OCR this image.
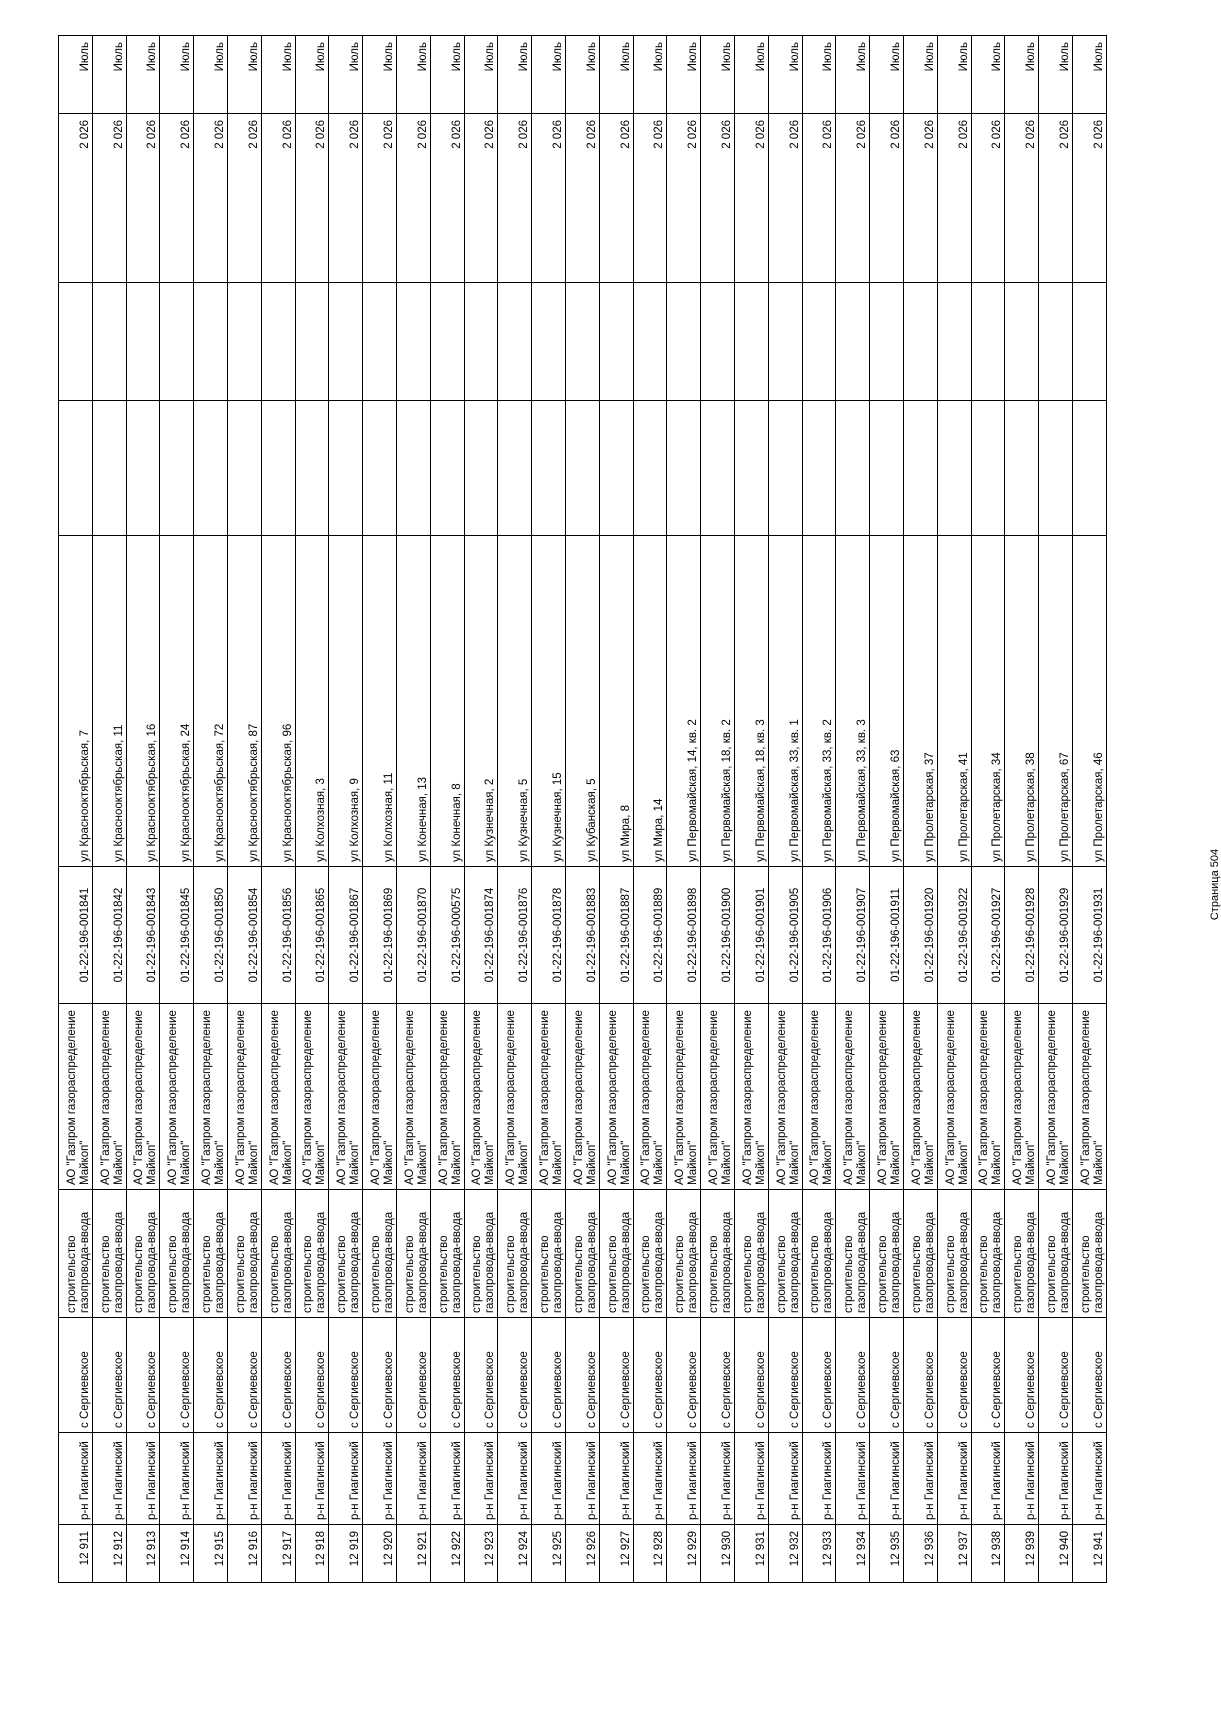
12 911	р-н Гиагинский	с Сергиевское	строительство газопровода-ввода	АО "Газпром газораспределение Майкоп"	01-22-196-001841	ул Краснооктябрьская, 7			2 026	Июль
12 912	р-н Гиагинский	с Сергиевское	строительство газопровода-ввода	АО "Газпром газораспределение Майкоп"	01-22-196-001842	ул Краснооктябрьская, 11			2 026	Июль
12 913	р-н Гиагинский	с Сергиевское	строительство газопровода-ввода	АО "Газпром газораспределение Майкоп"	01-22-196-001843	ул Краснооктябрьская, 16			2 026	Июль
12 914	р-н Гиагинский	с Сергиевское	строительство газопровода-ввода	АО "Газпром газораспределение Майкоп"	01-22-196-001845	ул Краснооктябрьская, 24			2 026	Июль
12 915	р-н Гиагинский	с Сергиевское	строительство газопровода-ввода	АО "Газпром газораспределение Майкоп"	01-22-196-001850	ул Краснооктябрьская, 72			2 026	Июль
12 916	р-н Гиагинский	с Сергиевское	строительство газопровода-ввода	АО "Газпром газораспределение Майкоп"	01-22-196-001854	ул Краснооктябрьская, 87			2 026	Июль
12 917	р-н Гиагинский	с Сергиевское	строительство газопровода-ввода	АО "Газпром газораспределение Майкоп"	01-22-196-001856	ул Краснооктябрьская, 96			2 026	Июль
12 918	р-н Гиагинский	с Сергиевское	строительство газопровода-ввода	АО "Газпром газораспределение Майкоп"	01-22-196-001865	ул Колхозная, 3			2 026	Июль
12 919	р-н Гиагинский	с Сергиевское	строительство газопровода-ввода	АО "Газпром газораспределение Майкоп"	01-22-196-001867	ул Колхозная, 9			2 026	Июль
12 920	р-н Гиагинский	с Сергиевское	строительство газопровода-ввода	АО "Газпром газораспределение Майкоп"	01-22-196-001869	ул Колхозная, 11			2 026	Июль
12 921	р-н Гиагинский	с Сергиевское	строительство газопровода-ввода	АО "Газпром газораспределение Майкоп"	01-22-196-001870	ул Конечная, 13			2 026	Июль
12 922	р-н Гиагинский	с Сергиевское	строительство газопровода-ввода	АО "Газпром газораспределение Майкоп"	01-22-196-000575	ул Конечная, 8			2 026	Июль
12 923	р-н Гиагинский	с Сергиевское	строительство газопровода-ввода	АО "Газпром газораспределение Майкоп"	01-22-196-001874	ул Кузнечная, 2			2 026	Июль
12 924	р-н Гиагинский	с Сергиевское	строительство газопровода-ввода	АО "Газпром газораспределение Майкоп"	01-22-196-001876	ул Кузнечная, 5			2 026	Июль
12 925	р-н Гиагинский	с Сергиевское	строительство газопровода-ввода	АО "Газпром газораспределение Майкоп"	01-22-196-001878	ул Кузнечная, 15			2 026	Июль
12 926	р-н Гиагинский	с Сергиевское	строительство газопровода-ввода	АО "Газпром газораспределение Майкоп"	01-22-196-001883	ул Кубанская, 5			2 026	Июль
12 927	р-н Гиагинский	с Сергиевское	строительство газопровода-ввода	АО "Газпром газораспределение Майкоп"	01-22-196-001887	ул Мира, 8			2 026	Июль
12 928	р-н Гиагинский	с Сергиевское	строительство газопровода-ввода	АО "Газпром газораспределение Майкоп"	01-22-196-001889	ул Мира, 14			2 026	Июль
12 929	р-н Гиагинский	с Сергиевское	строительство газопровода-ввода	АО "Газпром газораспределение Майкоп"	01-22-196-001898	ул Первомайская, 14, кв. 2			2 026	Июль
12 930	р-н Гиагинский	с Сергиевское	строительство газопровода-ввода	АО "Газпром газораспределение Майкоп"	01-22-196-001900	ул Первомайская, 18, кв. 2			2 026	Июль
12 931	р-н Гиагинский	с Сергиевское	строительство газопровода-ввода	АО "Газпром газораспределение Майкоп"	01-22-196-001901	ул Первомайская, 18, кв. 3			2 026	Июль
12 932	р-н Гиагинский	с Сергиевское	строительство газопровода-ввода	АО "Газпром газораспределение Майкоп"	01-22-196-001905	ул Первомайская, 33, кв. 1			2 026	Июль
12 933	р-н Гиагинский	с Сергиевское	строительство газопровода-ввода	АО "Газпром газораспределение Майкоп"	01-22-196-001906	ул Первомайская, 33, кв. 2			2 026	Июль
12 934	р-н Гиагинский	с Сергиевское	строительство газопровода-ввода	АО "Газпром газораспределение Майкоп"	01-22-196-001907	ул Первомайская, 33, кв. 3			2 026	Июль
12 935	р-н Гиагинский	с Сергиевское	строительство газопровода-ввода	АО "Газпром газораспределение Майкоп"	01-22-196-001911	ул Первомайская, 63			2 026	Июль
12 936	р-н Гиагинский	с Сергиевское	строительство газопровода-ввода	АО "Газпром газораспределение Майкоп"	01-22-196-001920	ул Пролетарская, 37			2 026	Июль
12 937	р-н Гиагинский	с Сергиевское	строительство газопровода-ввода	АО "Газпром газораспределение Майкоп"	01-22-196-001922	ул Пролетарская, 41			2 026	Июль
12 938	р-н Гиагинский	с Сергиевское	строительство газопровода-ввода	АО "Газпром газораспределение Майкоп"	01-22-196-001927	ул Пролетарская, 34			2 026	Июль
12 939	р-н Гиагинский	с Сергиевское	строительство газопровода-ввода	АО "Газпром газораспределение Майкоп"	01-22-196-001928	ул Пролетарская, 38			2 026	Июль
12 940	р-н Гиагинский	с Сергиевское	строительство газопровода-ввода	АО "Газпром газораспределение Майкоп"	01-22-196-001929	ул Пролетарская, 67			2 026	Июль
12 941	р-н Гиагинский	с Сергиевское	строительство газопровода-ввода	АО "Газпром газораспределение Майкоп"	01-22-196-001931	ул Пролетарская, 46			2 026	Июль
Страница 504
